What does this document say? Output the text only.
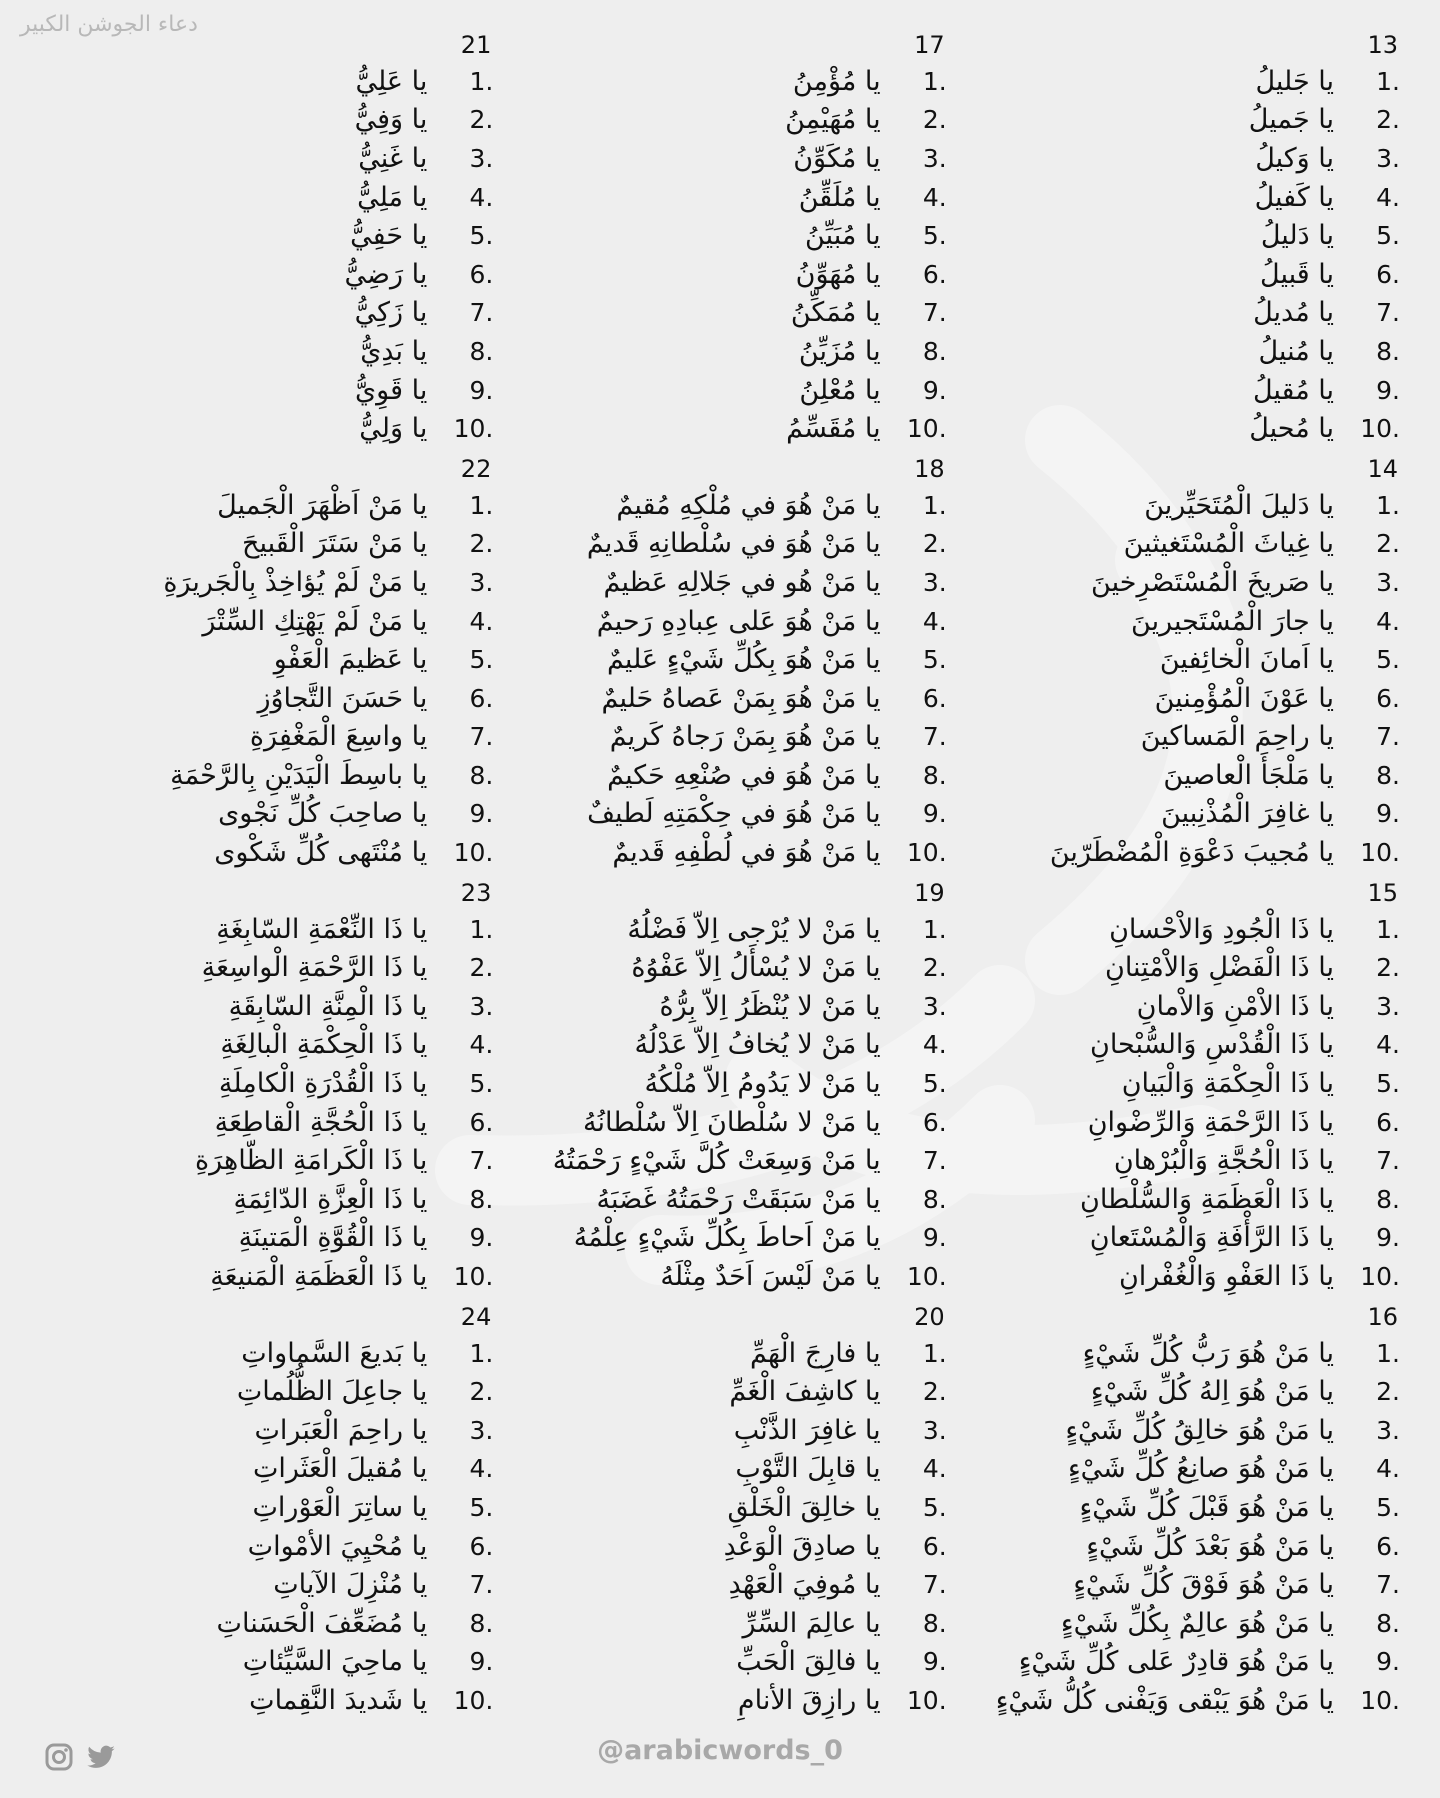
دعاء الجوشن الكبير
13
يا جَليلُ	1.
يا جَميلُ	2.
يا وَكيلُ	3.
يا كَفيلُ	4.
يا دَليلُ	5.
يا قَبيلُ	6.
يا مُديلُ	7.
يا مُنيلُ	8.
يا مُقيلُ	9.
يا مُحيلُ	10.
14
يا دَليلَ الْمُتَحَيِّرينَ	1.
يا غِياثَ الْمُسْتَغيثينَ	2.
يا صَريخَ الْمُسْتَصْرِخينَ	3.
يا جارَ الْمُسْتَجيرينَ	4.
يا اَمانَ الْخائِفينَ	5.
يا عَوْنَ الْمُؤْمِنينَ	6.
يا راحِمَ الْمَساكينَ	7.
يا مَلْجَأَ الْعاصينَ	8.
يا غافِرَ الْمُذْنِبينَ	9.
يا مُجيبَ دَعْوَةِ الْمُضْطَرّينَ	10.
15
يا ذَا الْجُودِ وَالاْحْسانِ	1.
يا ذَا الْفَضْلِ وَالاْمْتِنانِ	2.
يا ذَا الاْمْنِ وَالاْمانِ	3.
يا ذَا الْقُدْسِ وَالسُّبْحانِ	4.
يا ذَا الْحِكْمَةِ وَالْبَيانِ	5.
يا ذَا الرَّحْمَةِ وَالرِّضْوانِ	6.
يا ذَا الْحُجَّةِ وَالْبُرْهانِ	7.
يا ذَا الْعَظَمَةِ وَالسُّلْطانِ	8.
يا ذَا الرَّأْفَةِ وَالْمُسْتَعانِ	9.
يا ذَا العَفْوِ وَالْغُفْرانِ	10.
16
يا مَنْ هُوَ رَبُّ كُلِّ شَيْءٍ	1.
يا مَنْ هُوَ اِلهُ كُلِّ شَيْءٍ	2.
يا مَنْ هُوَ خالِقُ كُلِّ شَيْءٍ	3.
يا مَنْ هُوَ صانِعُ كُلِّ شَيْءٍ	4.
يا مَنْ هُوَ قَبْلَ كُلِّ شَيْءٍ	5.
يا مَنْ هُوَ بَعْدَ كُلِّ شَيْءٍ	6.
يا مَنْ هُوَ فَوْقَ كُلِّ شَيْءٍ	7.
يا مَنْ هُوَ عالِمٌ بِكُلِّ شَيْءٍ	8.
يا مَنْ هُوَ قادِرٌ عَلى كُلِّ شَيْءٍ	9.
يا مَنْ هُوَ يَبْقى وَيَفْنى كُلُّ شَيْءٍ	10.
17
يا مُؤْمِنُ	1.
يا مُهَيْمِنُ	2.
يا مُكَوِّنُ	3.
يا مُلَقِّنُ	4.
يا مُبَيِّنُ	5.
يا مُهَوِّنُ	6.
يا مُمَكِّنُ	7.
يا مُزَيِّنُ	8.
يا مُعْلِنُ	9.
يا مُقَسِّمُ	10.
18
يا مَنْ هُوَ في مُلْكِهِ مُقيمٌ	1.
يا مَنْ هُوَ في سُلْطانِهِ قَديمٌ	2.
يا مَنْ هُو في جَلالِهِ عَظيمٌ	3.
يا مَنْ هُوَ عَلى عِبادِهِ رَحيمٌ	4.
يا مَنْ هُوَ بِكُلِّ شَيْءٍ عَليمٌ	5.
يا مَنْ هُوَ بِمَنْ عَصاهُ حَليمٌ	6.
يا مَنْ هُوَ بِمَنْ رَجاهُ كَريمٌ	7.
يا مَنْ هُوَ في صُنْعِهِ حَكيمٌ	8.
يا مَنْ هُوَ في حِكْمَتِهِ لَطيفٌ	9.
يا مَنْ هُوَ في لُطْفِهِ قَديمٌ	10.
19
يا مَنْ لا يُرْجى اِلاّ فَضْلُهُ	1.
يا مَنْ لا يُسْأَلُ اِلاّ عَفْوُهُ	2.
يا مَنْ لا يُنْظَرُ اِلاّ بِرُّهُ	3.
يا مَنْ لا يُخافُ اِلاّ عَدْلُهُ	4.
يا مَنْ لا يَدُومُ اِلاّ مُلْكُهُ	5.
يا مَنْ لا سُلْطانَ اِلاّ سُلْطانُهُ	6.
يا مَنْ وَسِعَتْ كُلَّ شَيْءٍ رَحْمَتُهُ	7.
يا مَنْ سَبَقَتْ رَحْمَتُهُ غَضَبَهُ	8.
يا مَنْ اَحاطَ بِكُلِّ شَيْءٍ عِلْمُهُ	9.
يا مَنْ لَيْسَ اَحَدٌ مِثْلَهُ	10.
20
يا فارِجَ الْهَمِّ	1.
يا كاشِفَ الْغَمِّ	2.
يا غافِرَ الذَّنْبِ	3.
يا قابِلَ التَّوْبِ	4.
يا خالِقَ الْخَلْقِ	5.
يا صادِقَ الْوَعْدِ	6.
يا مُوفِيَ الْعَهْدِ	7.
يا عالِمَ السِّرِّ	8.
يا فالِقَ الْحَبِّ	9.
يا رازِقَ الأنامِ	10.
21
يا عَلِيُّ	1.
يا وَفِيُّ	2.
يا غَنِيُّ	3.
يا مَلِيُّ	4.
يا حَفِيُّ	5.
يا رَضِيُّ	6.
يا زَكِيُّ	7.
يا بَدِيُّ	8.
يا قَوِيُّ	9.
يا وَلِيُّ	10.
22
يا مَنْ اَظْهَرَ الْجَميلَ	1.
يا مَنْ سَتَرَ الْقَبيحَ	2.
يا مَنْ لَمْ يُؤاخِذْ بِالْجَريرَةِ	3.
يا مَنْ لَمْ يَهْتِكِ السِّتْرَ	4.
يا عَظيمَ الْعَفْوِ	5.
يا حَسَنَ التَّجاوُزِ	6.
يا واسِعَ الْمَغْفِرَةِ	7.
يا باسِطَ الْيَدَيْنِ بِالرَّحْمَةِ	8.
يا صاحِبَ كُلِّ نَجْوى	9.
يا مُنْتَهى كُلِّ شَكْوى	10.
23
يا ذَا النِّعْمَةِ السّابِغَةِ	1.
يا ذَا الرَّحْمَةِ الْواسِعَةِ	2.
يا ذَا الْمِنَّةِ السّابِقَةِ	3.
يا ذَا الْحِكْمَةِ الْبالِغَةِ	4.
يا ذَا الْقُدْرَةِ الْكامِلَةِ	5.
يا ذَا الْحُجَّةِ الْقاطِعَةِ	6.
يا ذَا الْكَرامَةِ الظّاهِرَةِ	7.
يا ذَا الْعِزَّةِ الدّائِمَةِ	8.
يا ذَا الْقُوَّةِ الْمَتينَةِ	9.
يا ذَا الْعَظَمَةِ الْمَنيعَةِ	10.
24
يا بَديعَ السَّماواتِ	1.
يا جاعِلَ الظُّلُماتِ	2.
يا راحِمَ الْعَبَراتِ	3.
يا مُقيلَ الْعَثَراتِ	4.
يا ساتِرَ الْعَوْراتِ	5.
يا مُحْيِيَ الأمْواتِ	6.
يا مُنْزِلَ الآياتِ	7.
يا مُضَعِّفَ الْحَسَناتِ	8.
يا ماحِيَ السَّيِّئاتِ	9.
يا شَديدَ النَّقِماتِ	10.
@arabicwords_0
